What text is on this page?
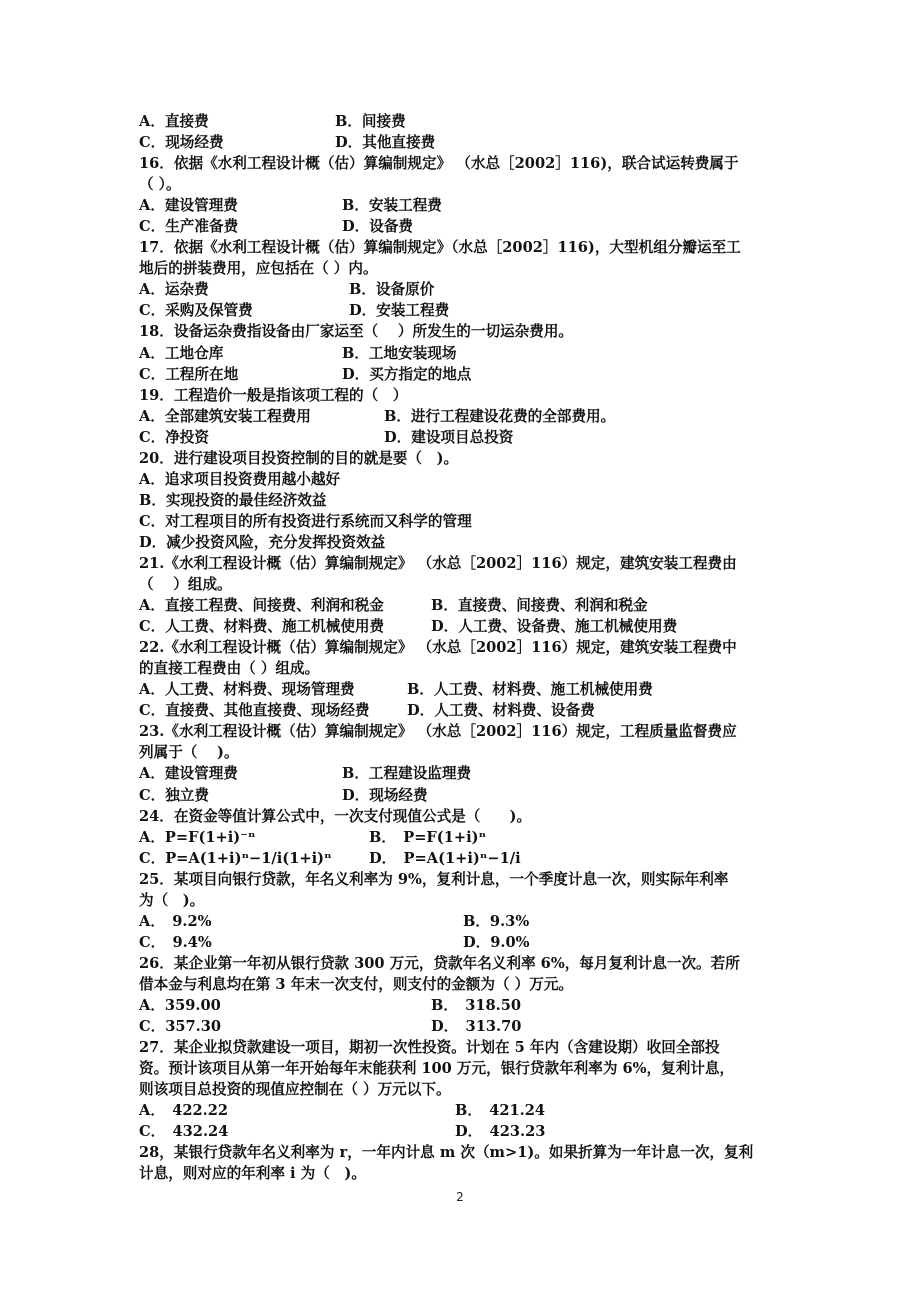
A．直接费	B．间接费
C．现场经费	D．其他直接费
16．依据《水利工程设计概（估）算编制规定》 （水总［2002］116)，联合试运转费属于
（ ）。
A．建设管理费	B．安装工程费
C．生产准备费	D．设备费
17．依据《水利工程设计概（估）算编制规定》（水总［2002］116)，大型机组分瓣运至工
地后的拼装费用，应包括在（ ）内。
A．运杂费	B．设备原价
C．采购及保管费	D．安装工程费
18．设备运杂费指设备由厂家运至（　 ）所发生的一切运杂费用。
A．工地仓库	B．工地安装现场
C．工程所在地	D．买方指定的地点
19．工程造价一般是指该项工程的（　）
A．全部建筑安装工程费用	B．进行工程建设花费的全部费用。
C．净投资	D．建设项目总投资
20．进行建设项目投资控制的目的就是要（　)。
A．追求项目投资费用越小越好
B．实现投资的最佳经济效益
C．对工程项目的所有投资进行系统而又科学的管理
D．减少投资风险，充分发挥投资效益
21.《水利工程设计概（估）算编制规定》 （水总［2002］116）规定，建筑安装工程费由
（　 ）组成。
A．直接工程费、间接费、利润和税金	B．直接费、间接费、利润和税金
C．人工费、材料费、施工机械使用费	D．人工费、设备费、施工机械使用费
22.《水利工程设计概（估）算编制规定》 （水总［2002］116）规定，建筑安装工程费中
的直接工程费由（ ）组成。
A．人工费、材料费、现场管理费	B．人工费、材料费、施工机械使用费
C．直接费、其他直接费、现场经费	D．人工费、材料费、设备费
23.《水利工程设计概（估）算编制规定》 （水总［2002］116）规定，工程质量监督费应
列属于（　 )。
A．建设管理费	B．工程建设监理费
C．独立费	D．现场经费
24．在资金等值计算公式中，一次支付现值公式是（　　)。
A．P=F(1+i)⁻ⁿ	B．　P=F(1+i)ⁿ
C．P=A(1+i)ⁿ−1/i(1+i)ⁿ	D．　P=A(1+i)ⁿ−1/i
25．某项目向银行贷款，年名义利率为 9%，复利计息，一个季度计息一次，则实际年利率
为（　)。
A．　9.2%	B．9.3%
C．　9.4%	D．9.0%
26．某企业第一年初从银行贷款 300 万元，贷款年名义利率 6%，每月复利计息一次。若所
借本金与利息均在第 3 年末一次支付，则支付的金额为（ ）万元。
A．359.00	B．　318.50
C．357.30	D．　313.70
27．某企业拟贷款建设一项目，期初一次性投资。计划在 5 年内（含建设期）收回全部投
资。预计该项目从第一年开始每年末能获利 100 万元，银行贷款年利率为 6%，复利计息，
则该项目总投资的现值应控制在（ ）万元以下。
A．　422.22	B．　421.24
C．　432.24	D．　423.23
28，某银行贷款年名义利率为 r，一年内计息 m 次（m>1)。如果折算为一年计息一次，复利
计息，则对应的年利率 i 为（　)。
2
